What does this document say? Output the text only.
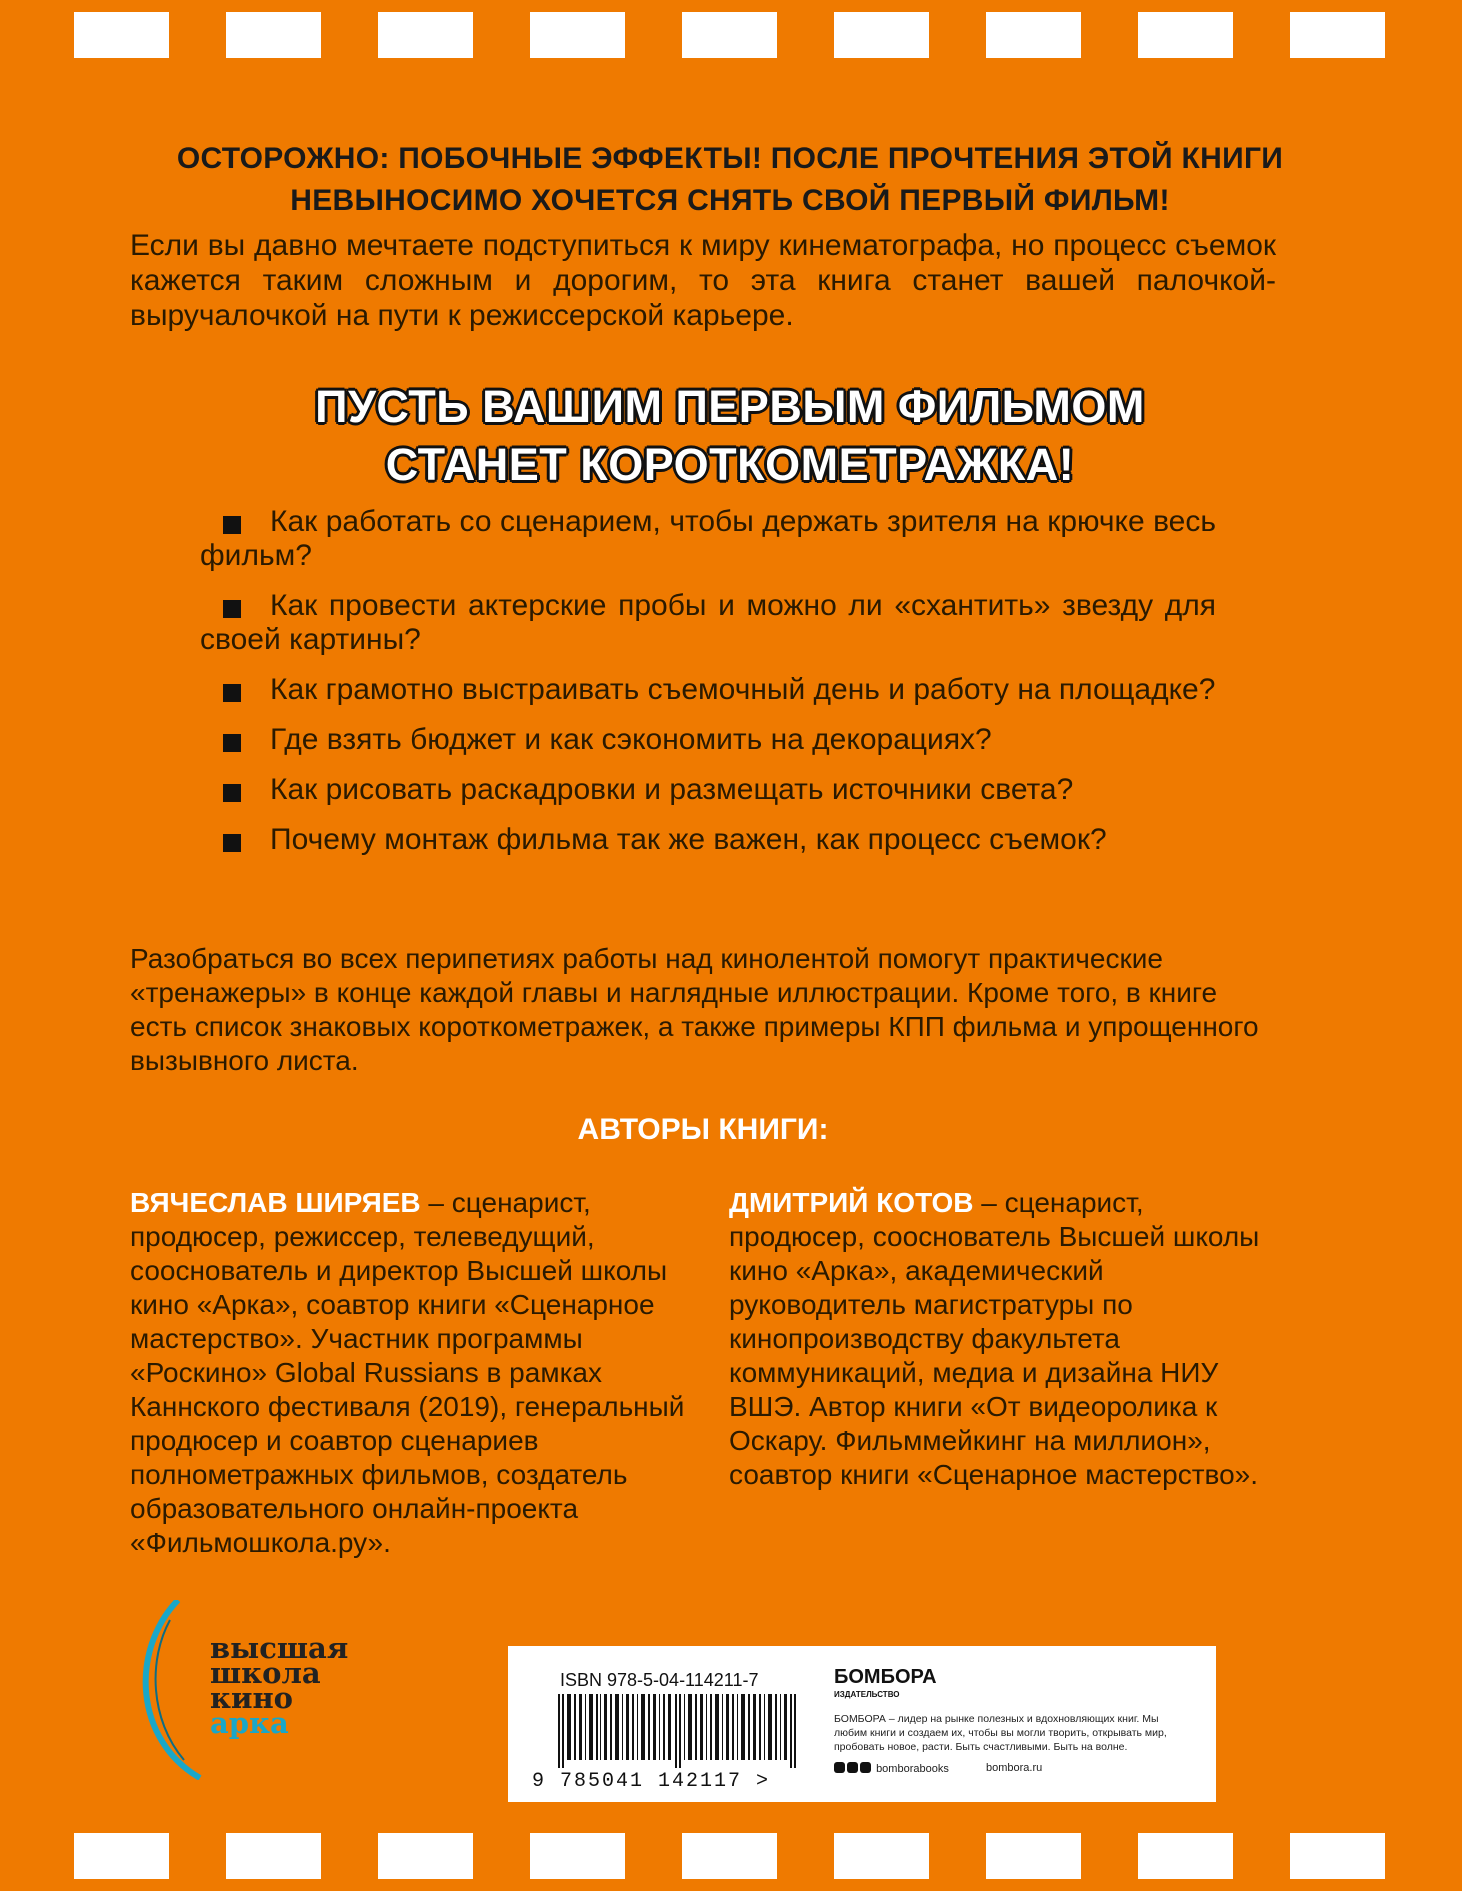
ОСТОРОЖНО: ПОБОЧНЫЕ ЭФФЕКТЫ! ПОСЛЕ ПРОЧТЕНИЯ ЭТОЙ КНИГИ
НЕВЫНОСИМО ХОЧЕТСЯ СНЯТЬ СВОЙ ПЕРВЫЙ ФИЛЬМ!
Если вы давно мечтаете подступиться к миру кинематографа, но процесс съемок кажется таким сложным и дорогим, то эта книга станет вашей палочкой-выручалочкой на пути к режиссерской карьере.
ПУСТЬ ВАШИМ ПЕРВЫМ ФИЛЬМОМ
СТАНЕТ КОРОТКОМЕТРАЖКА!
Как работать со сценарием, чтобы держать зрителя на крючке весь фильм?
Как провести актерские пробы и можно ли «схантить» звезду для своей картины?
Как грамотно выстраивать съемочный день и работу на площадке?
Где взять бюджет и как сэкономить на декорациях?
Как рисовать раскадровки и размещать источники света?
Почему монтаж фильма так же важен, как процесс съемок?
Разобраться во всех перипетиях работы над кинолентой помогут практические «тренажеры» в конце каждой главы и наглядные иллюстрации. Кроме того, в книге есть список знаковых короткометражек, а также примеры КПП фильма и упрощенного вызывного листа.
АВТОРЫ КНИГИ:
ВЯЧЕСЛАВ ШИРЯЕВ – сценарист, продюсер, режиссер, телеведущий, сооснователь и директор Высшей школы кино «Арка», соавтор книги «Сценарное мастерство». Участник программы «Роскино» Global Russians в рамках Каннского фестиваля (2019), генеральный продюсер и соавтор сценариев полнометражных фильмов, создатель образовательного онлайн-проекта «Фильмошкола.ру».
ДМИТРИЙ КОТОВ – сценарист, продюсер, сооснователь Высшей школы кино «Арка», академический руководитель магистратуры по кинопроизводству факультета коммуникаций, медиа и дизайна НИУ ВШЭ. Автор книги «От видеоролика к Оскару. Фильммейкинг на миллион», соавтор книги «Сценарное мастерство».
высшая
школа
кино
арка
ISBN 978-5-04-114211-7
9 785041 142117 >
БОМБОРА
ИЗДАТЕЛЬСТВО
БОМБОРА – лидер на рынке полезных и вдохновляющих книг. Мы любим книги и создаем их, чтобы вы могли творить, открывать мир, пробовать новое, расти. Быть счастливыми. Быть на волне.
bomborabooks	bombora.ru
